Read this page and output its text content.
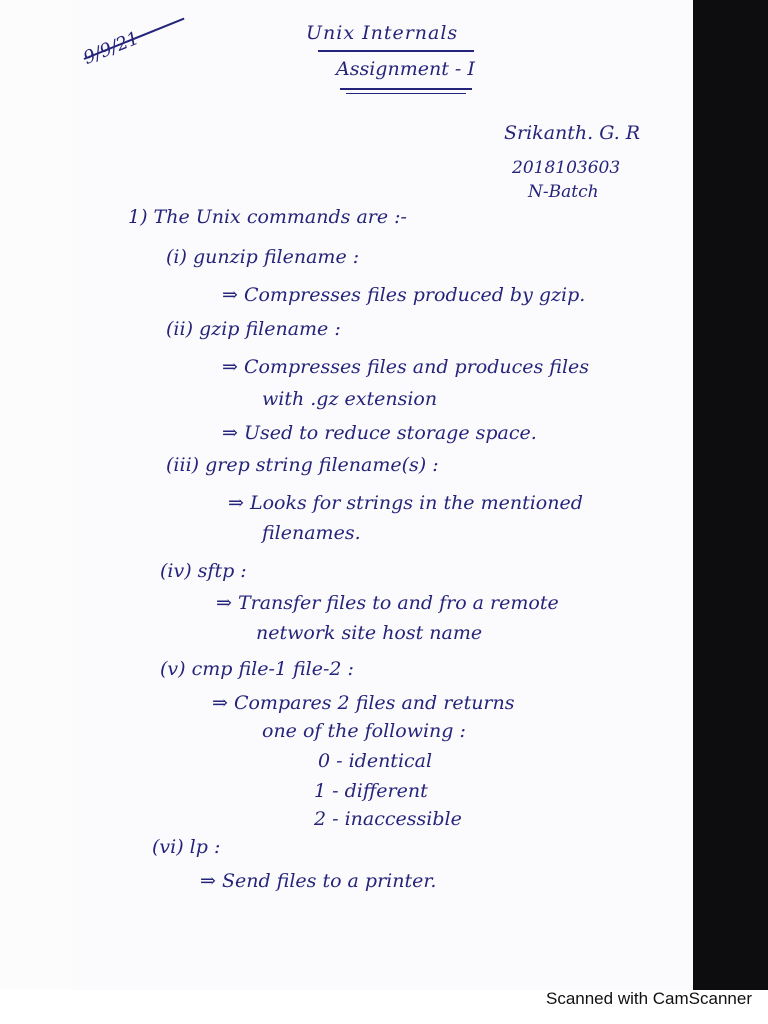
Unix Internals
Assignment - I
Srikanth. G. R
2018103603
N-Batch
1) The Unix commands are :-
(i) gunzip filename :
⇒ Compresses files produced by gzip.
(ii) gzip filename :
⇒ Compresses files and produces files
with .gz extension
⇒ Used to reduce storage space.
(iii) grep string filename(s) :
⇒ Looks for strings in the mentioned
filenames.
(iv) sftp :
⇒ Transfer files to and fro a remote
network site host name
(v) cmp file-1 file-2 :
⇒ Compares 2 files and returns
one of the following :
0 - identical
1 - different
2 - inaccessible
(vi) lp :
⇒ Send files to a printer.
Scanned with CamScanner
